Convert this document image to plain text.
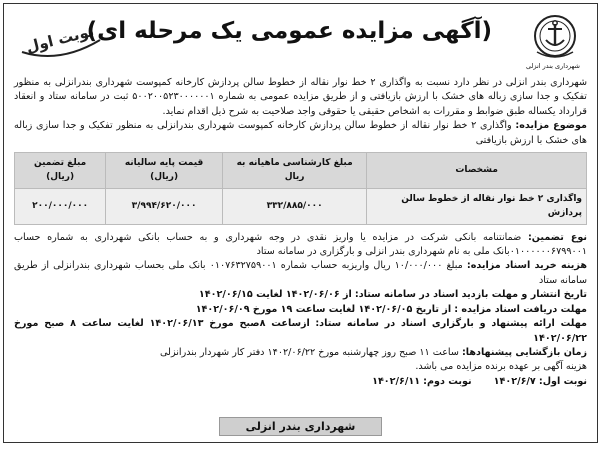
نوبت اول
(آگهی مزایده عمومی یک مرحله ای)
شهرداری بندر انزلی

شهرداری بندر انزلی در نظر دارد نسبت به واگذاری ۲ خط نوار نقاله از خطوط سالن پردازش کارخانه کمپوست شهرداری بندرانزلی به منظور تفکیک و جدا سازی زباله های خشک با ارزش بازیافتی و از طریق مزایده عمومی به شماره ۵۰۰۲۰۰۵۲۳۰۰۰۰۰۰۱ ثبت در سامانه ستاد و انعقاد قرارداد یکساله طبق ضوابط و مقررات به اشخاص حقیقی یا حقوقی واجد صلاحیت به شرح ذیل اقدام نماید.

موضوع مزایده: واگذاری ۲ خط نوار نقاله از خطوط سالن پردازش کارخانه کمپوست شهرداری بندرانزلی به منظور تفکیک و جدا سازی زباله های خشک با ارزش بازیافتی

مشخصات	مبلغ کارشناسی ماهیانه به ریال	قیمت پایه سالیانه (ریال)	مبلغ تضمین (ریال)
واگذاری ۲ خط نوار نقاله از خطوط سالن پردازش	۳۳۲/۸۸۵/۰۰۰	۳/۹۹۴/۶۲۰/۰۰۰	۲۰۰/۰۰۰/۰۰۰

نوع تضمین: ضمانتنامه بانکی شرکت در مزایده یا واریز نقدی در وجه شهرداری و به حساب بانکی شهرداری به شماره حساب ۰۱۰۰۰۰۰۰۶۷۹۹۰۰۱بانک ملی به نام شهرداری بندر انزلی و بارگزاری در سامانه ستاد

هزینه خرید اسناد مزایده: مبلغ ۱۰/۰۰۰/۰۰۰ ریال واریزبه حساب شماره ۰۱۰۷۶۳۲۷۵۹۰۰۱ بانک ملی بحساب شهرداری بندرانزلی از طریق سامانه ستاد

تاریخ انتشار و مهلت بازدید اسناد در سامانه ستاد: از ۱۴۰۲/۰۶/۰۶ لغایت ۱۴۰۲/۰۶/۱۵

مهلت دریافت اسناد مزایده : از تاریخ ۱۴۰۲/۰۶/۰۵ لغایت ساعت ۱۹ مورخ ۱۴۰۲/۰۶/۰۹

مهلت ارائه پیشنهاد و بارگزاری اسناد در سامانه ستاد: ازساعت ۸صبح مورخ ۱۴۰۲/۰۶/۱۳ لغایت ساعت ۸ صبح مورخ ۱۴۰۲/۰۶/۲۲

زمان بازگشایی پیشنهادها: ساعت ۱۱ صبح روز چهارشنبه مورخ ۱۴۰۲/۰۶/۲۲ دفتر کار شهردار بندرانزلی

هزینه آگهی بر عهده برنده مزایده می باشد.

نوبت اول: ۱۴۰۲/۶/۷
نوبت دوم: ۱۴۰۲/۶/۱۱
شهرداری بندر انزلی
